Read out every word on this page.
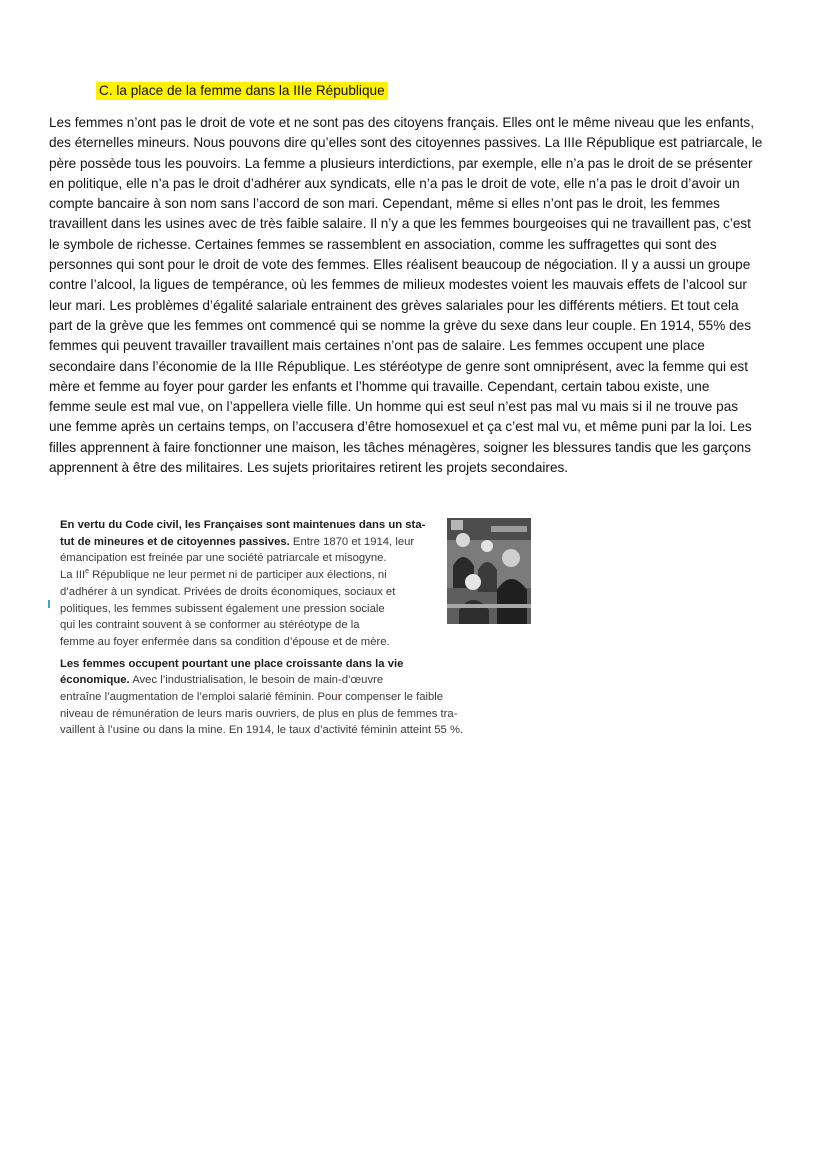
C. la place de la femme dans la IIIe République
Les femmes n’ont pas le droit de vote et ne sont pas des citoyens français. Elles ont le même niveau que les enfants,
des éternelles mineurs. Nous pouvons dire qu’elles sont des citoyennes passives. La IIIe République est patriarcale, le
père possède tous les pouvoirs. La femme a plusieurs interdictions, par exemple, elle n’a pas le droit de se présenter
en politique, elle n’a pas le droit d’adhérer aux syndicats, elle n’a pas le droit de vote, elle n’a pas le droit d’avoir un
compte bancaire à son nom sans l’accord de son mari. Cependant, même si elles n’ont pas le droit, les femmes
travaillent dans les usines avec de très faible salaire. Il n’y a que les femmes bourgeoises qui ne travaillent pas, c’est
le symbole de richesse. Certaines femmes se rassemblent en association, comme les suffragettes qui sont des
personnes qui sont pour le droit de vote des femmes. Elles réalisent beaucoup de négociation. Il y a aussi un groupe
contre l’alcool, la ligues de tempérance, où les femmes de milieux modestes voient les mauvais effets de l’alcool sur
leur mari. Les problèmes d’égalité salariale entrainent des grèves salariales pour les différents métiers. Et tout cela
part de la grève que les femmes ont commencé qui se nomme la grève du sexe dans leur couple. En 1914, 55% des
femmes qui peuvent travailler travaillent mais certaines n’ont pas de salaire. Les femmes occupent une place
secondaire dans l’économie de la IIIe République. Les stéréotype de genre sont omniprésent, avec la femme qui est
mère et femme au foyer pour garder les enfants et l’homme qui travaille. Cependant, certain tabou existe, une
femme seule est mal vue, on l’appellera vielle fille. Un homme qui est seul n’est pas mal vu mais si il ne trouve pas
une femme après un certains temps, on l’accusera d’être homosexuel et ça c’est mal vu, et même puni par la loi. Les
filles apprennent à faire fonctionner une maison, les tâches ménagères, soigner les blessures tandis que les garçons
apprennent à être des militaires. Les sujets prioritaires retirent les projets secondaires.
En vertu du Code civil, les Françaises sont maintenues dans un sta-
tut de mineures et de citoyennes passives. Entre 1870 et 1914, leur
émancipation est freinée par une société patriarcale et misogyne.
La IIIe République ne leur permet ni de participer aux élections, ni
d’adhérer à un syndicat. Privées de droits économiques, sociaux et
politiques, les femmes subissent également une pression sociale
qui les contraint souvent à se conformer au stéréotype de la
femme au foyer enfermée dans sa condition d’épouse et de mère.
Les femmes occupent pourtant une place croissante dans la vie
économique. Avec l’industrialisation, le besoin de main-d’œuvre
entraîne l’augmentation de l’emploi salarié féminin. Pour compenser le faible
niveau de rémunération de leurs maris ouvriers, de plus en plus de femmes tra-
vaillent à l’usine ou dans la mine. En 1914, le taux d’activité féminin atteint 55 %.
